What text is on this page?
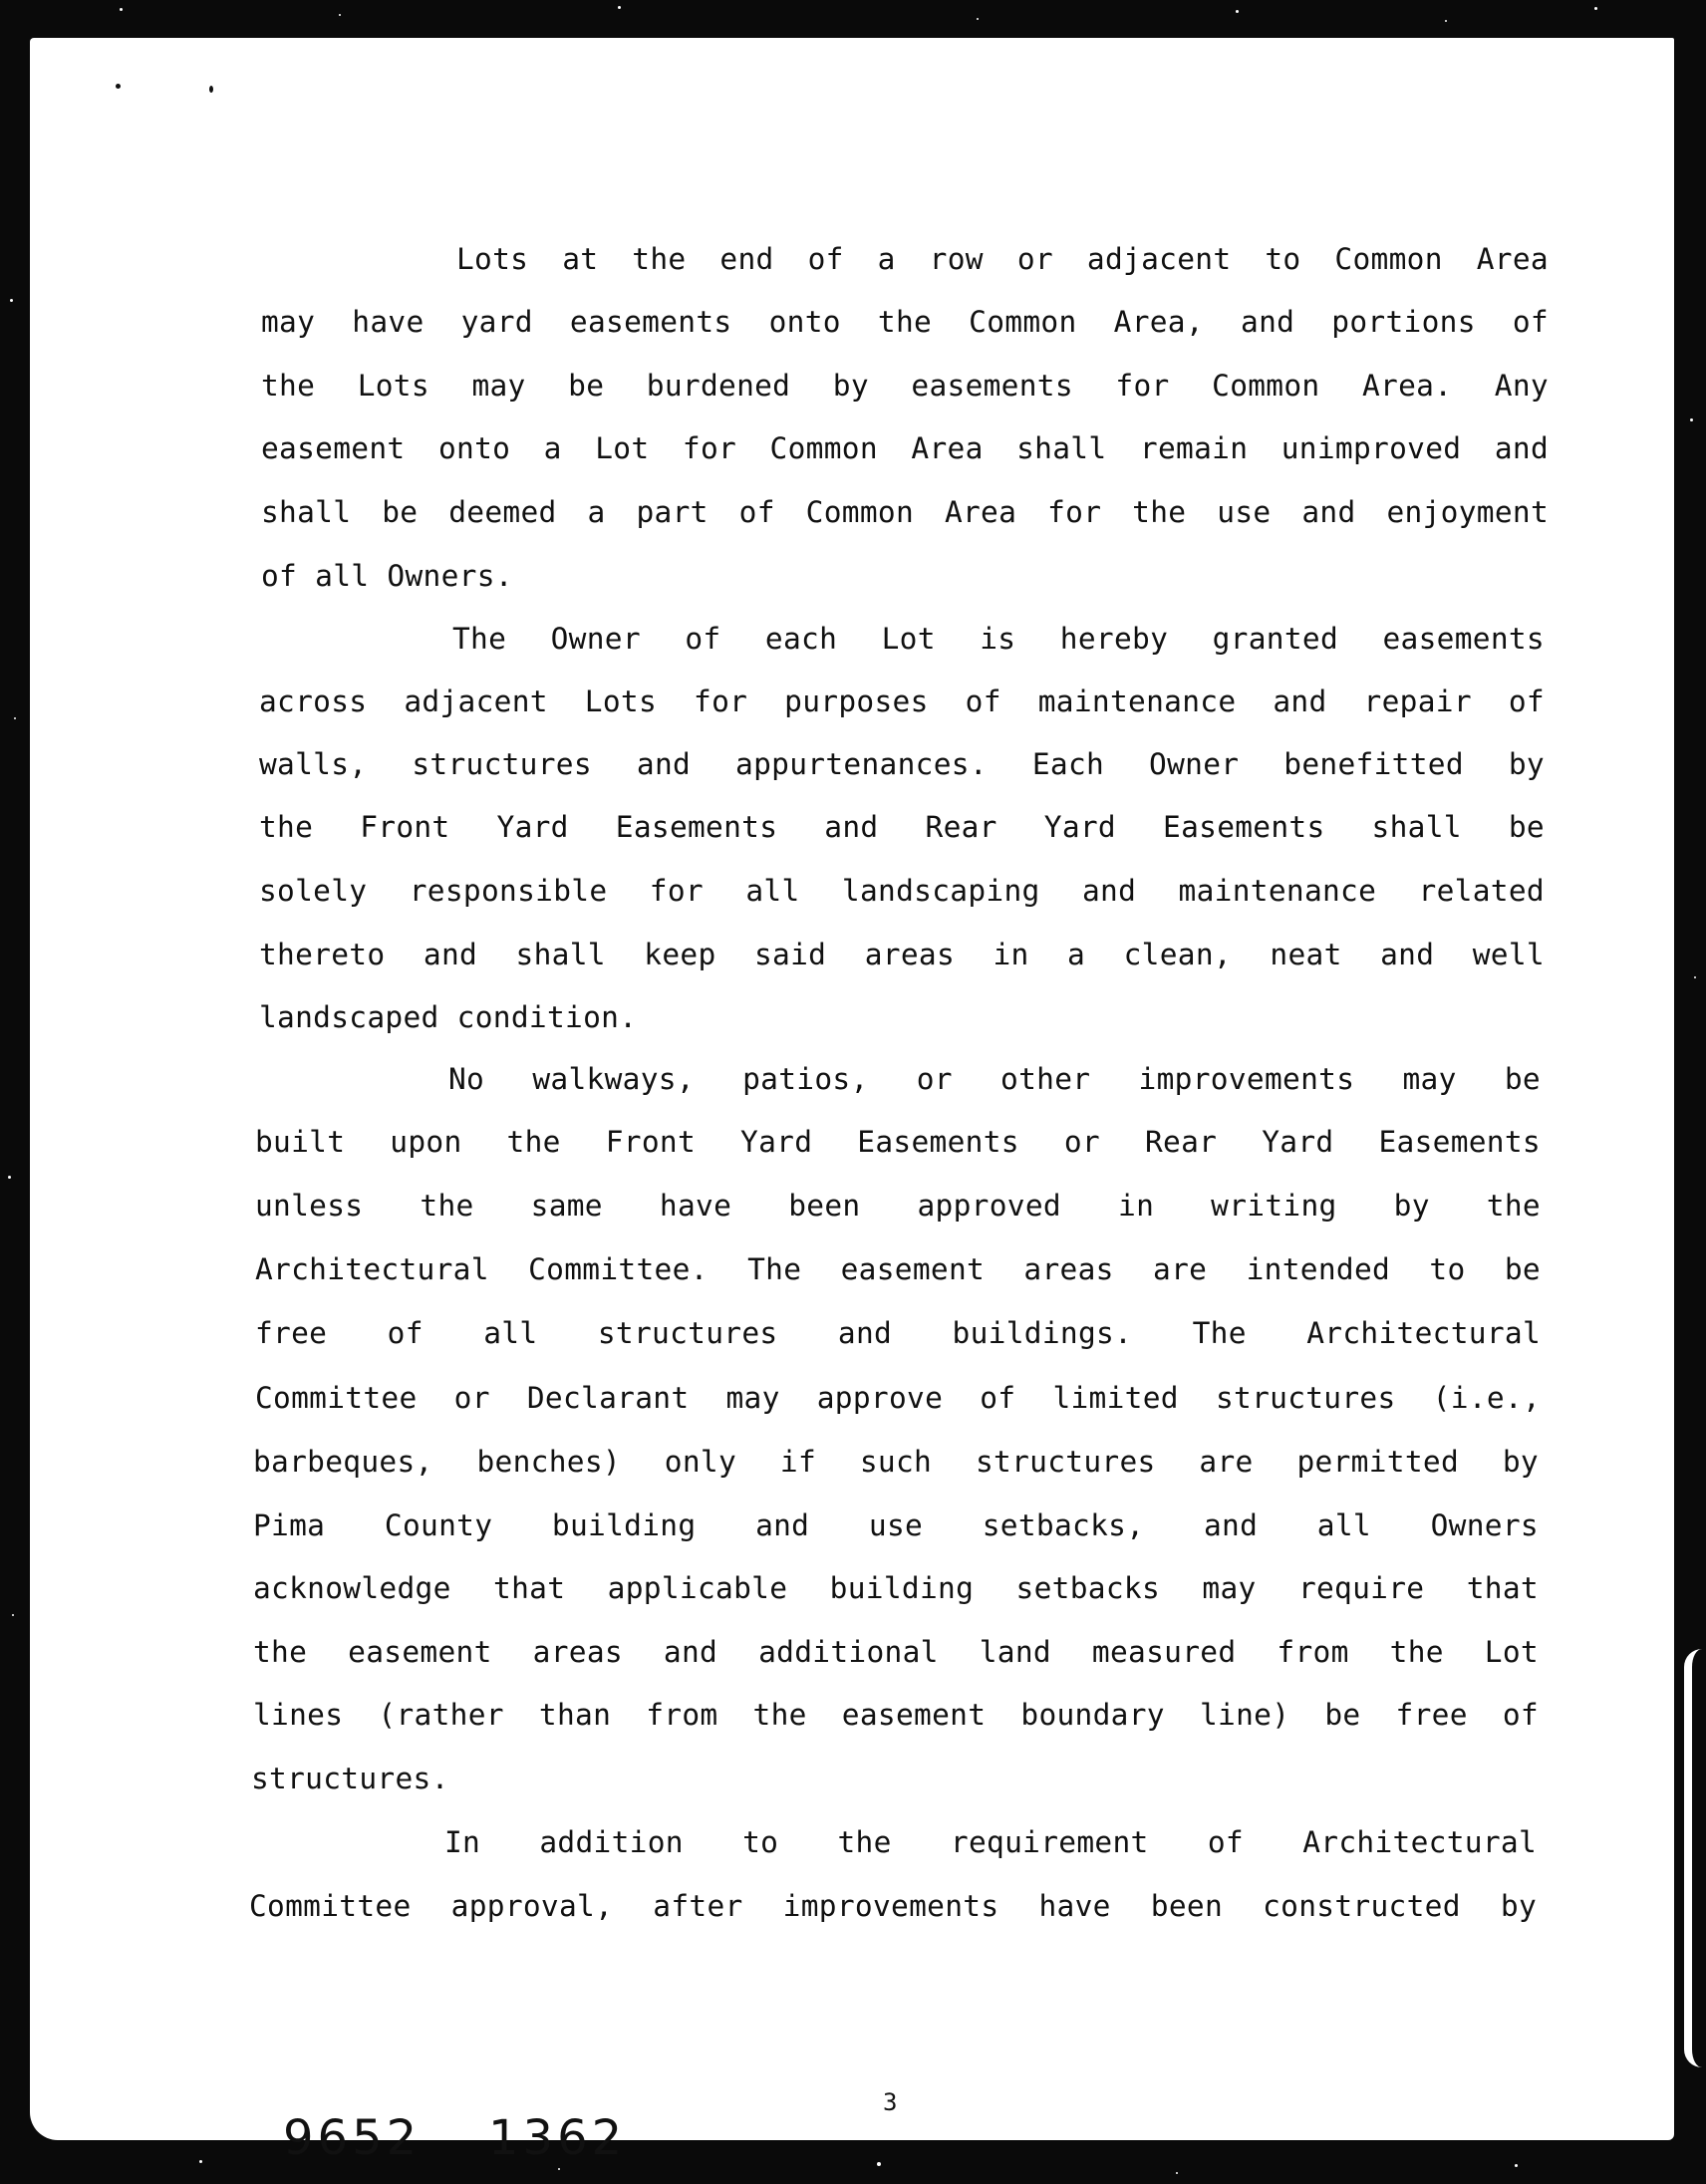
Lots at the end of a row or adjacent to Common Area
may have yard easements onto the Common Area, and portions of
the Lots may be burdened by easements for Common Area. Any
easement onto a Lot for Common Area shall remain unimproved and
shall be deemed a part of Common Area for the use and enjoyment
of all Owners.
The Owner of each Lot is hereby granted easements
across adjacent Lots for purposes of maintenance and repair of
walls, structures and appurtenances. Each Owner benefitted by
the Front Yard Easements and Rear Yard Easements shall be
solely responsible for all landscaping and maintenance related
thereto and shall keep said areas in a clean, neat and well
landscaped condition.
No walkways, patios, or other improvements may be
built upon the Front Yard Easements or Rear Yard Easements
unless the same have been approved in writing by the
Architectural Committee. The easement areas are intended to be
free of all structures and buildings. The Architectural
Committee or Declarant may approve of limited structures (i.e.,
barbeques, benches) only if such structures are permitted by
Pima County building and use setbacks, and all Owners
acknowledge that applicable building setbacks may require that
the easement areas and additional land measured from the Lot
lines (rather than from the easement boundary line) be free of
structures.
In addition to the requirement of Architectural
Committee approval, after improvements have been constructed by
3
9652 1362
